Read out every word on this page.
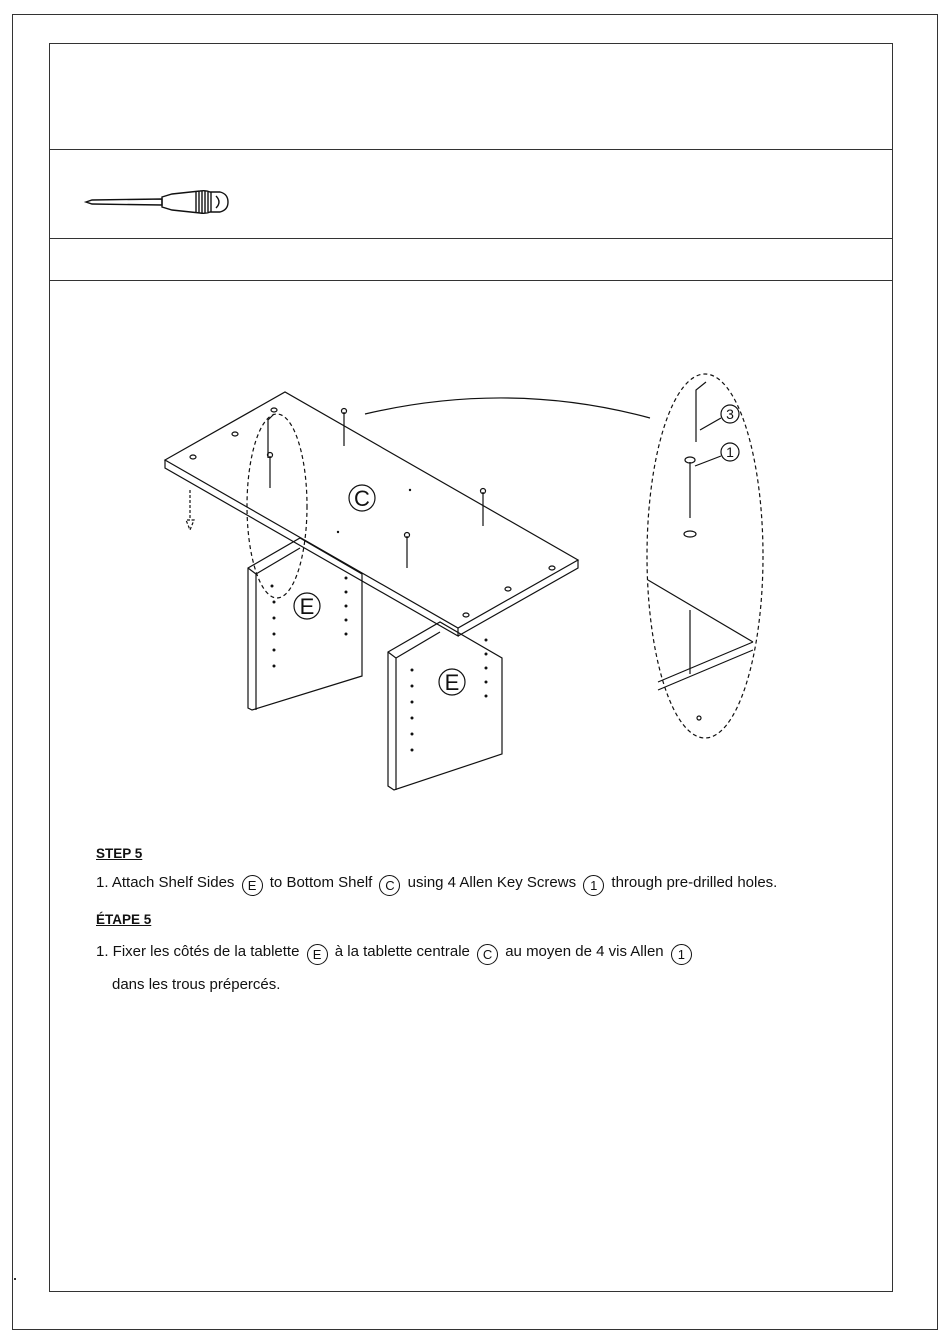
C
E
E
3
1
STEP 5
1. Attach Shelf Sides E to Bottom Shelf C using 4 Allen Key Screws 1 through pre-drilled holes.
ÉTAPE 5
1. Fixer les côtés de la tablette E à la tablette centrale C au moyen de 4 vis Allen 1
dans les trous prépercés.
